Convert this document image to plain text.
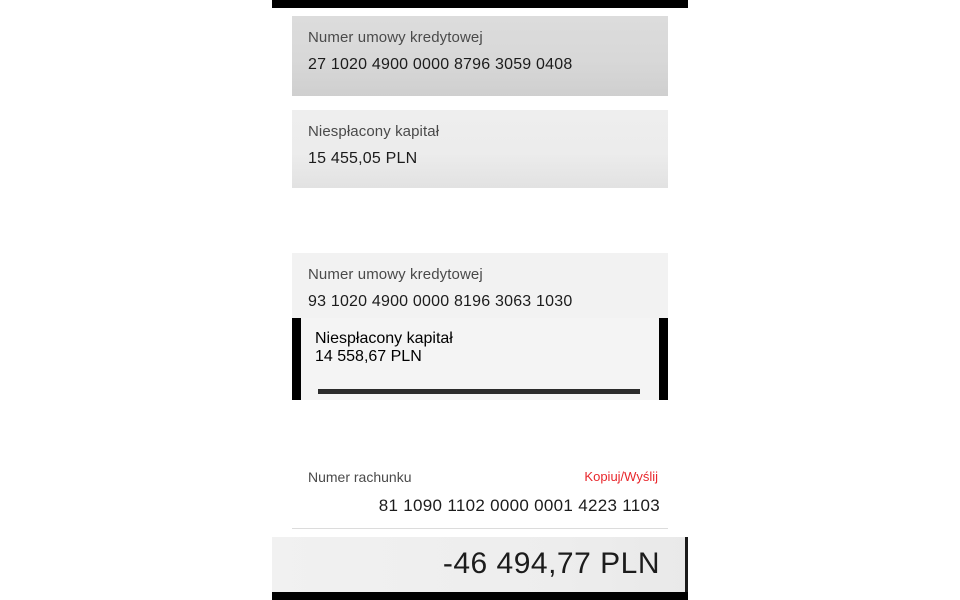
Numer umowy kredytowej
27 1020 4900 0000 8796 3059 0408
Niespłacony kapitał
15 455,05 PLN
Numer umowy kredytowej
93 1020 4900 0000 8196 3063 1030
Niespłacony kapitał
14 558,67 PLN
Numer rachunku	Kopiuj/Wyślij
81 1090 1102 0000 0001 4223 1103
-46 494,77 PLN
